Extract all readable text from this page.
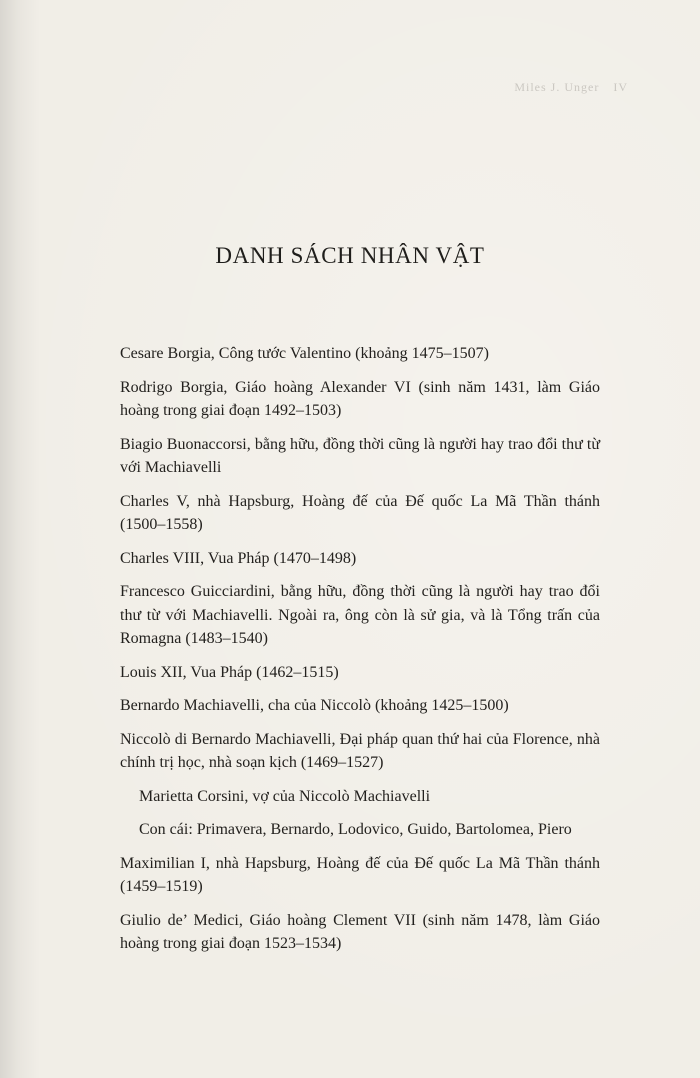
Miles J. Unger IV
DANH SÁCH NHÂN VẬT
Cesare Borgia, Công tước Valentino (khoảng 1475–1507)
Rodrigo Borgia, Giáo hoàng Alexander VI (sinh năm 1431, làm Giáo hoàng trong giai đoạn 1492–1503)
Biagio Buonaccorsi, bằng hữu, đồng thời cũng là người hay trao đổi thư từ với Machiavelli
Charles V, nhà Hapsburg, Hoàng đế của Đế quốc La Mã Thần thánh (1500–1558)
Charles VIII, Vua Pháp (1470–1498)
Francesco Guicciardini, bằng hữu, đồng thời cũng là người hay trao đổi thư từ với Machiavelli. Ngoài ra, ông còn là sử gia, và là Tổng trấn của Romagna (1483–1540)
Louis XII, Vua Pháp (1462–1515)
Bernardo Machiavelli, cha của Niccolò (khoảng 1425–1500)
Niccolò di Bernardo Machiavelli, Đại pháp quan thứ hai của Florence, nhà chính trị học, nhà soạn kịch (1469–1527)
Marietta Corsini, vợ của Niccolò Machiavelli
Con cái: Primavera, Bernardo, Lodovico, Guido, Bartolomea, Piero
Maximilian I, nhà Hapsburg, Hoàng đế của Đế quốc La Mã Thần thánh (1459–1519)
Giulio de’ Medici, Giáo hoàng Clement VII (sinh năm 1478, làm Giáo hoàng trong giai đoạn 1523–1534)
